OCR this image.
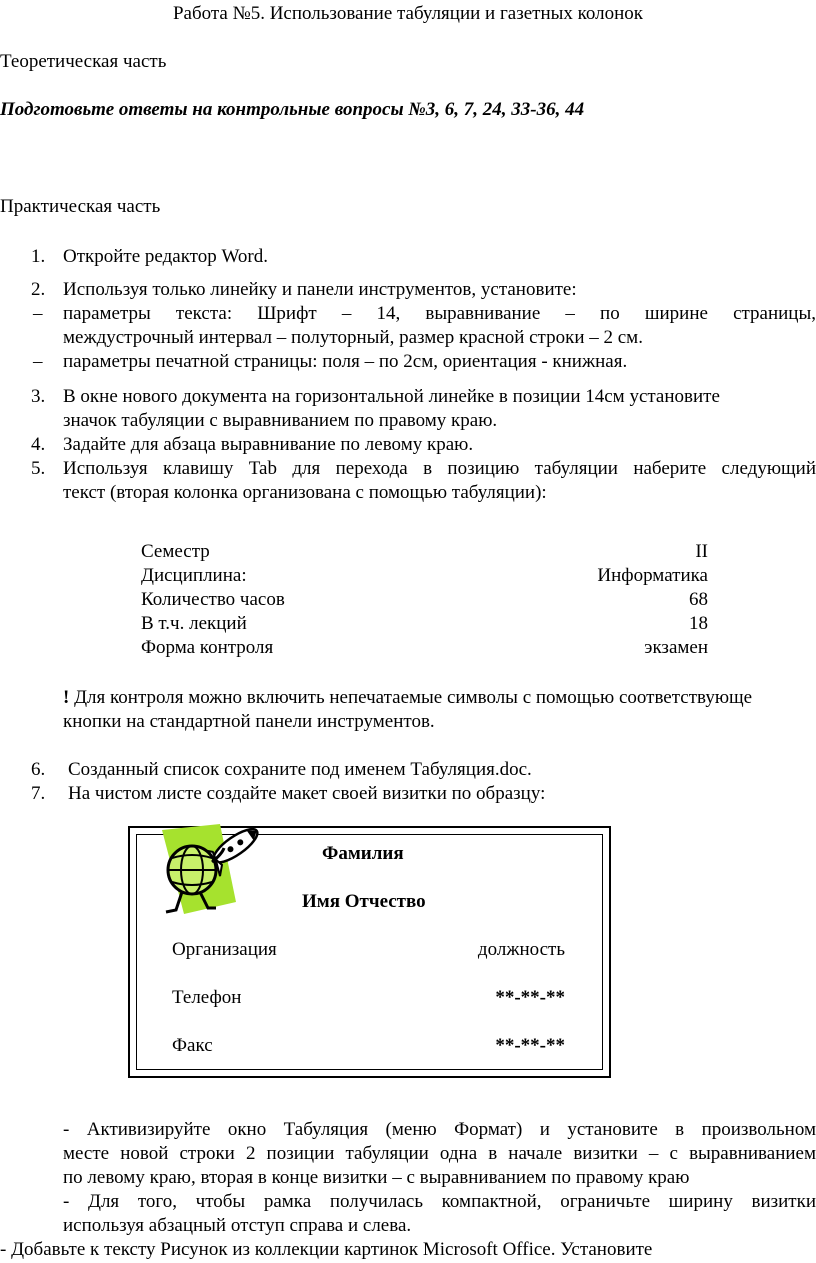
Работа №5. Использование табуляции и газетных колонок
Теоретическая часть
Подготовьте ответы на контрольные вопросы №3, 6, 7, 24, 33-36, 44
Практическая часть
1. Откройте редактор Word.
2. Используя только линейку и панели инструментов, установите:
– параметры текста: Шрифт – 14, выравнивание – по ширине страницы,
междустрочный интервал – полуторный, размер красной строки – 2 см.
– параметры печатной страницы: поля – по 2см, ориентация - книжная.
3. В окне нового документа на горизонтальной линейке в позиции 14см установите
значок табуляции с выравниванием по правому краю.
4. Задайте для абзаца выравнивание по левому краю.
5. Используя клавишу Tab для перехода в позицию табуляции наберите следующий
текст (вторая колонка организована с помощью табуляции):
Семестр	II
Дисциплина:	Информатика
Количество часов	68
В т.ч. лекций	18
Форма контроля	экзамен
! Для контроля можно включить непечатаемые символы с помощью соответствующе
кнопки на стандартной панели инструментов.
6.	Созданный список сохраните под именем Табуляция.doc.
7.	На чистом листе создайте макет своей визитки по образцу:
Фамилия
Имя Отчество
Организация	должность
Телефон	**-**-**
Факс	**-**-**
- Активизируйте окно Табуляция (меню Формат) и установите в произвольном
месте новой строки 2 позиции табуляции одна в начале визитки – с выравниванием
по левому краю, вторая в конце визитки – с выравниванием по правому краю
- Для того, чтобы рамка получилась компактной, ограничьте ширину визитки
используя абзацный отступ справа и слева.
- Добавьте к тексту Рисунок из коллекции картинок Microsoft Office. Установите
